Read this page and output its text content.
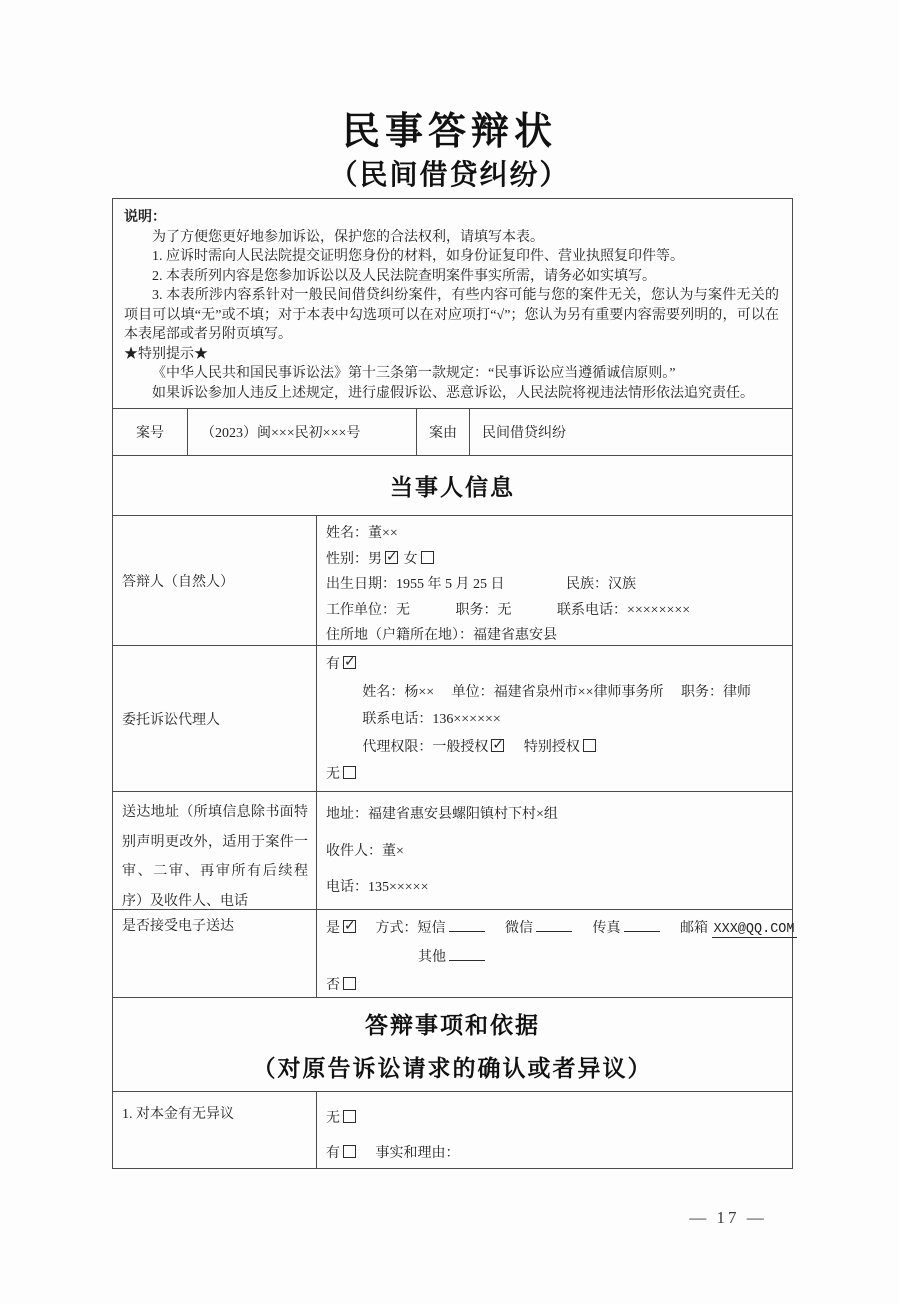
民事答辩状
（民间借贷纠纷）

说明：

为了方便您更好地参加诉讼，保护您的合法权利，请填写本表。

1. 应诉时需向人民法院提交证明您身份的材料，如身份证复印件、营业执照复印件等。

2. 本表所列内容是您参加诉讼以及人民法院查明案件事实所需，请务必如实填写。

3. 本表所涉内容系针对一般民间借贷纠纷案件，有些内容可能与您的案件无关，您认为与案件无关的项目可以填“无”或不填；对于本表中勾选项可以在对应项打“√”；您认为另有重要内容需要列明的，可以在本表尾部或者另附页填写。

★特别提示★

《中华人民共和国民事诉讼法》第十三条第一款规定：“民事诉讼应当遵循诚信原则。”

如果诉讼参加人违反上述规定，进行虚假诉讼、恶意诉讼，人民法院将视违法情形依法追究责任。

案号	（2023）闽×××民初×××号	案由	民间借贷纠纷
当事人信息
答辩人（自然人）
姓名：董××
性别：男 ✓ 女
出生日期：1955 年 5 月 25 日	民族：汉族
工作单位：无	职务：无	联系电话：××××××××
住所地（户籍所在地）：福建省惠安县
委托诉讼代理人
有✓
姓名：杨×× 单位：福建省泉州市××律师事务所 职务：律师
联系电话：136××××××
代理权限：一般授权 ✓	特别授权
无
送达地址（所填信息除书面特别声明更改外，适用于案件一审、二审、再审所有后续程序）及收件人、电话
地址：福建省惠安县螺阳镇村下村×组
收件人：董×
电话：135×××××
是否接受电子送达	是 ✓	方式：短信	微信	传真	邮箱 XXX@QQ.COM
其他
否
答辩事项和依据
（对原告诉讼请求的确认或者异议）
1. 对本金有无异议	无
有	事实和理由：
— 17 —
